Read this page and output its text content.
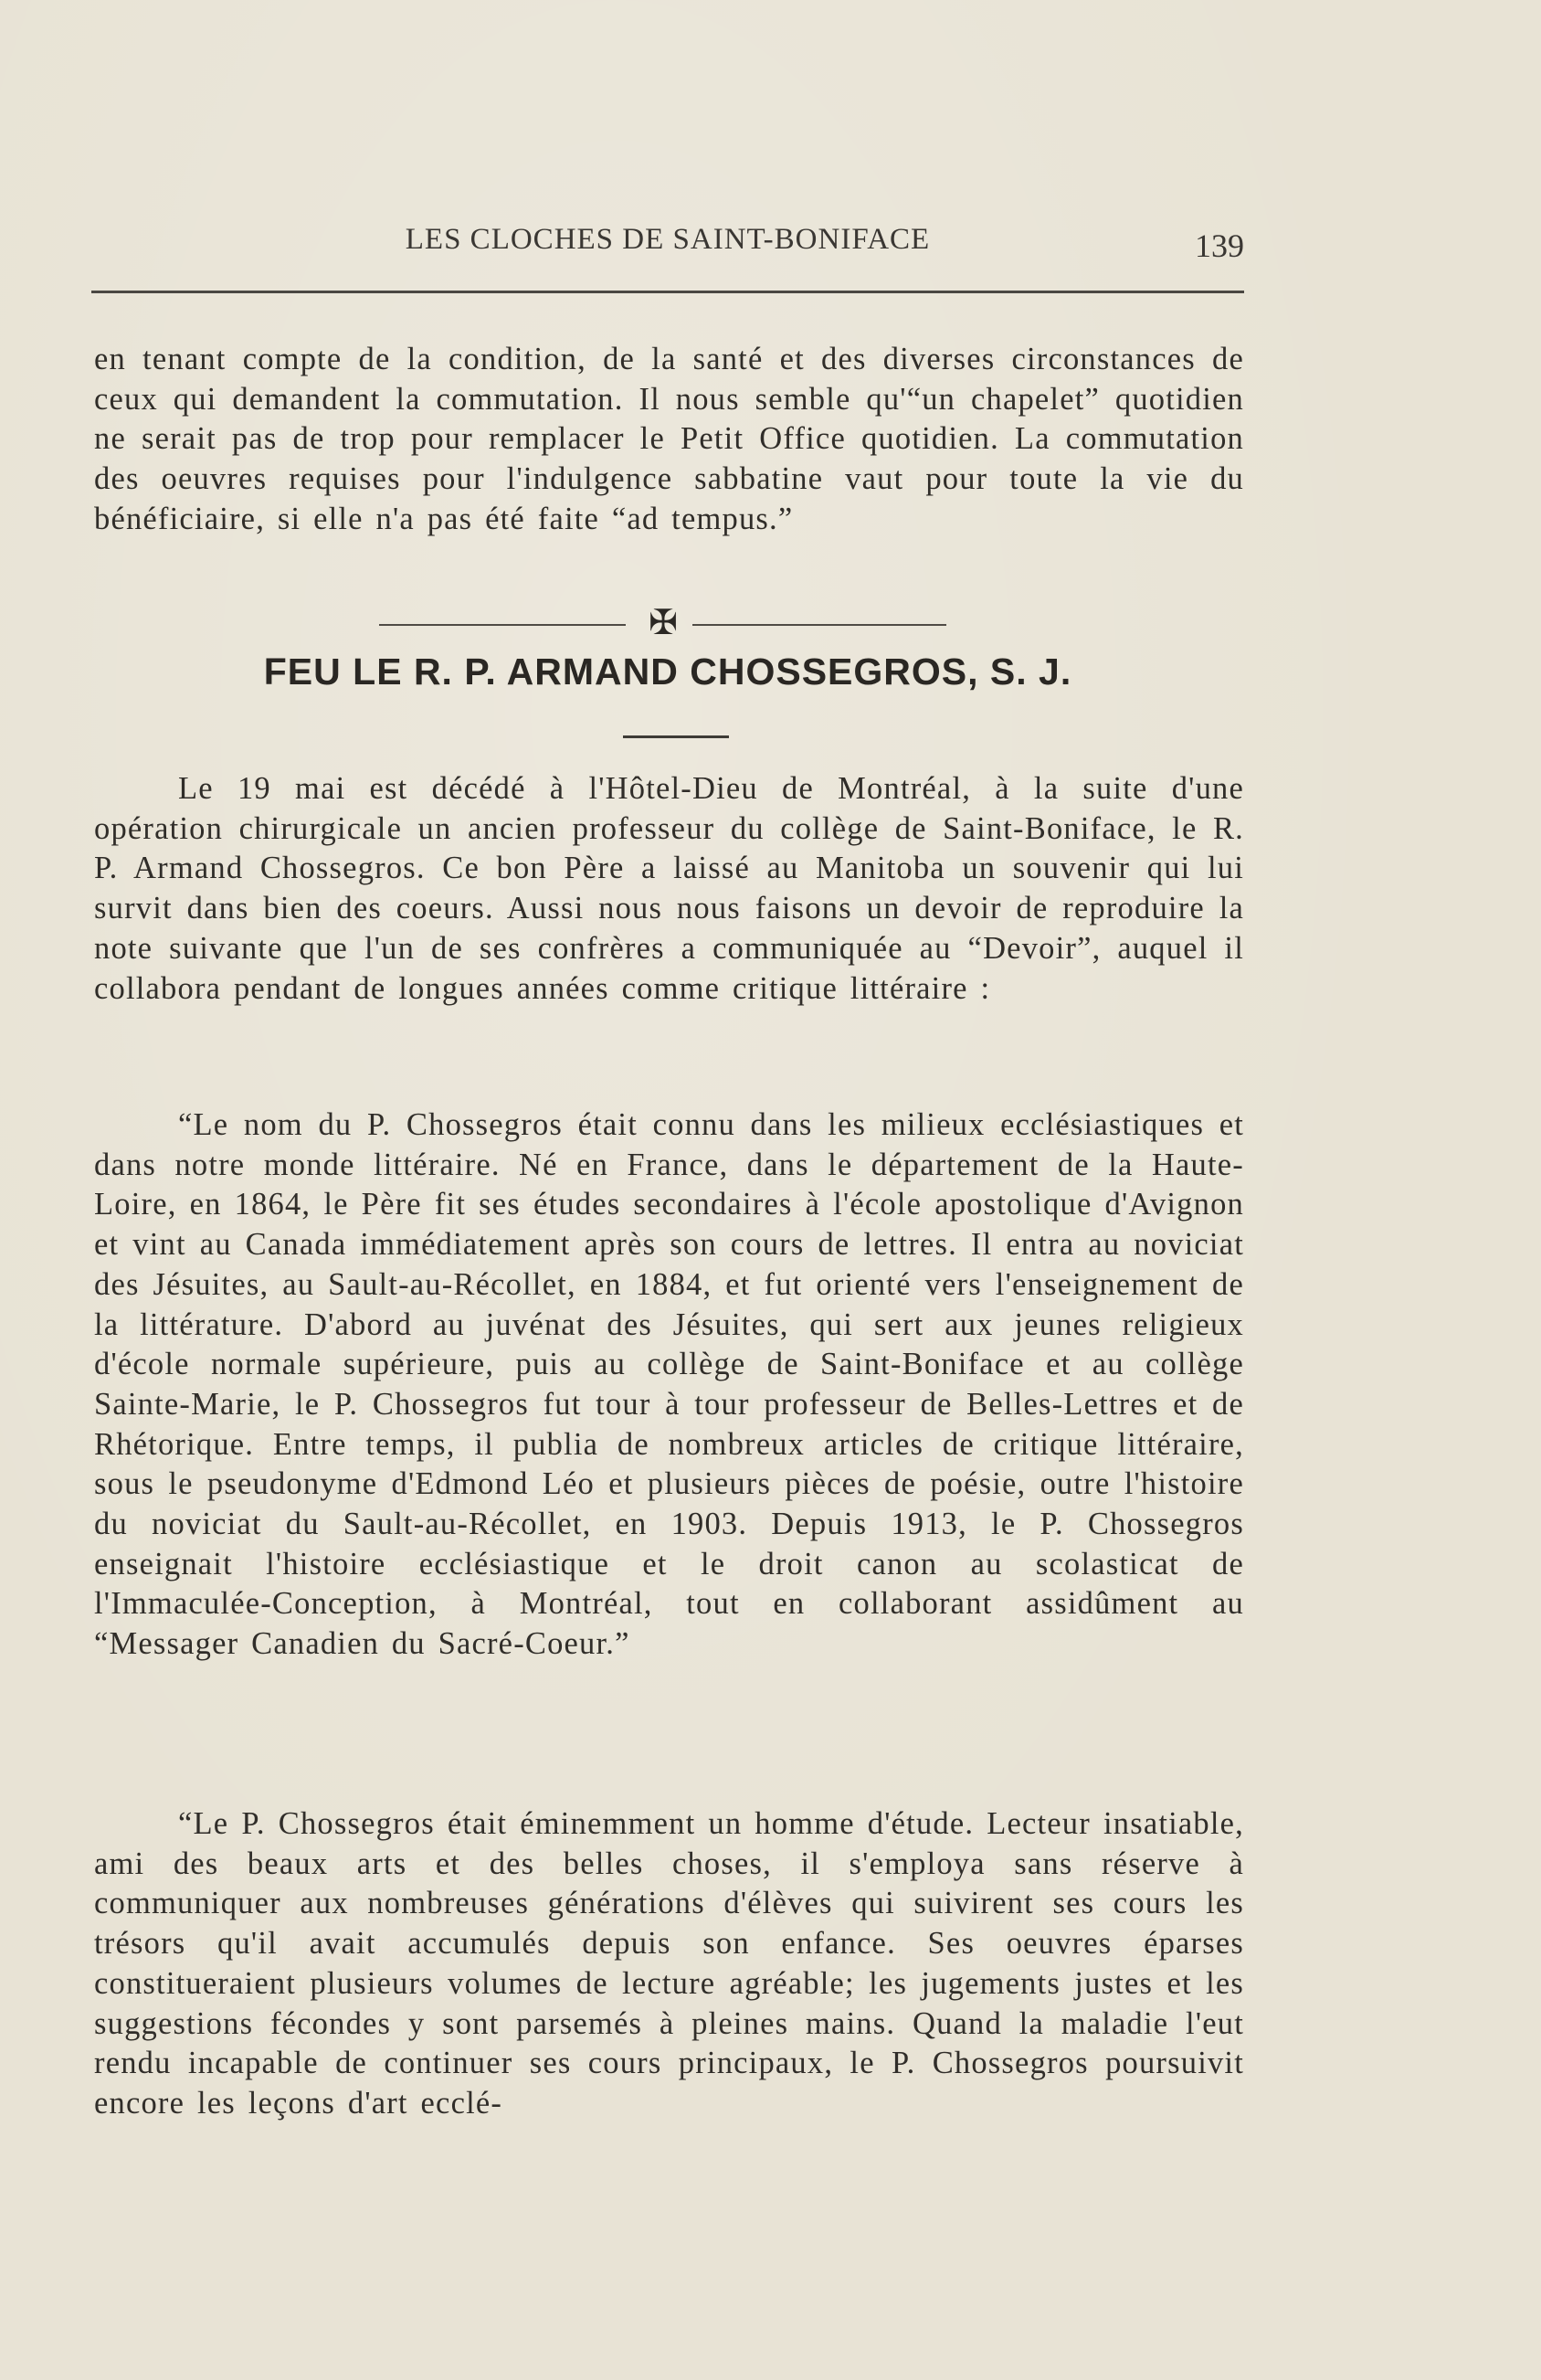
LES CLOCHES DE SAINT-BONIFACE	139

en tenant compte de la condition, de la santé et des diverses circonstances de ceux qui demandent la commutation. Il nous semble qu'“un chapelet” quotidien ne serait pas de trop pour remplacer le Petit Office quotidien. La commutation des oeuvres requises pour l'indulgence sabbatine vaut pour toute la vie du bénéficiaire, si elle n'a pas été faite “ad tempus.”

✠
FEU LE R. P. ARMAND CHOSSEGROS, S. J.

Le 19 mai est décédé à l'Hôtel-Dieu de Montréal, à la suite d'une opération chirurgicale un ancien professeur du collège de Saint-Boniface, le R. P. Armand Chossegros. Ce bon Père a laissé au Manitoba un souvenir qui lui survit dans bien des coeurs. Aussi nous nous faisons un devoir de reproduire la note suivante que l'un de ses confrères a communiquée au “Devoir”, auquel il collabora pendant de longues années comme critique littéraire :

“Le nom du P. Chossegros était connu dans les milieux ecclésiastiques et dans notre monde littéraire. Né en France, dans le département de la Haute-Loire, en 1864, le Père fit ses études secondaires à l'école apostolique d'Avignon et vint au Canada immédiatement après son cours de lettres. Il entra au noviciat des Jésuites, au Sault-au-Récollet, en 1884, et fut orienté vers l'enseignement de la littérature. D'abord au juvénat des Jésuites, qui sert aux jeunes religieux d'école normale supérieure, puis au collège de Saint-Boniface et au collège Sainte-Marie, le P. Chossegros fut tour à tour professeur de Belles-Lettres et de Rhétorique. Entre temps, il publia de nombreux articles de critique littéraire, sous le pseudonyme d'Edmond Léo et plusieurs pièces de poésie, outre l'histoire du noviciat du Sault-au-Récollet, en 1903. Depuis 1913, le P. Chossegros enseignait l'histoire ecclésiastique et le droit canon au scolasticat de l'Immaculée-Conception, à Montréal, tout en collaborant assidûment au “Messager Canadien du Sacré-Coeur.”

“Le P. Chossegros était éminemment un homme d'étude. Lecteur insatiable, ami des beaux arts et des belles choses, il s'employa sans réserve à communiquer aux nombreuses générations d'élèves qui suivirent ses cours les trésors qu'il avait accumulés depuis son enfance. Ses oeuvres éparses constitueraient plusieurs volumes de lecture agréable; les jugements justes et les suggestions fécondes y sont parsemés à pleines mains. Quand la maladie l'eut rendu incapable de continuer ses cours principaux, le P. Chossegros poursuivit encore les leçons d'art ecclé-
